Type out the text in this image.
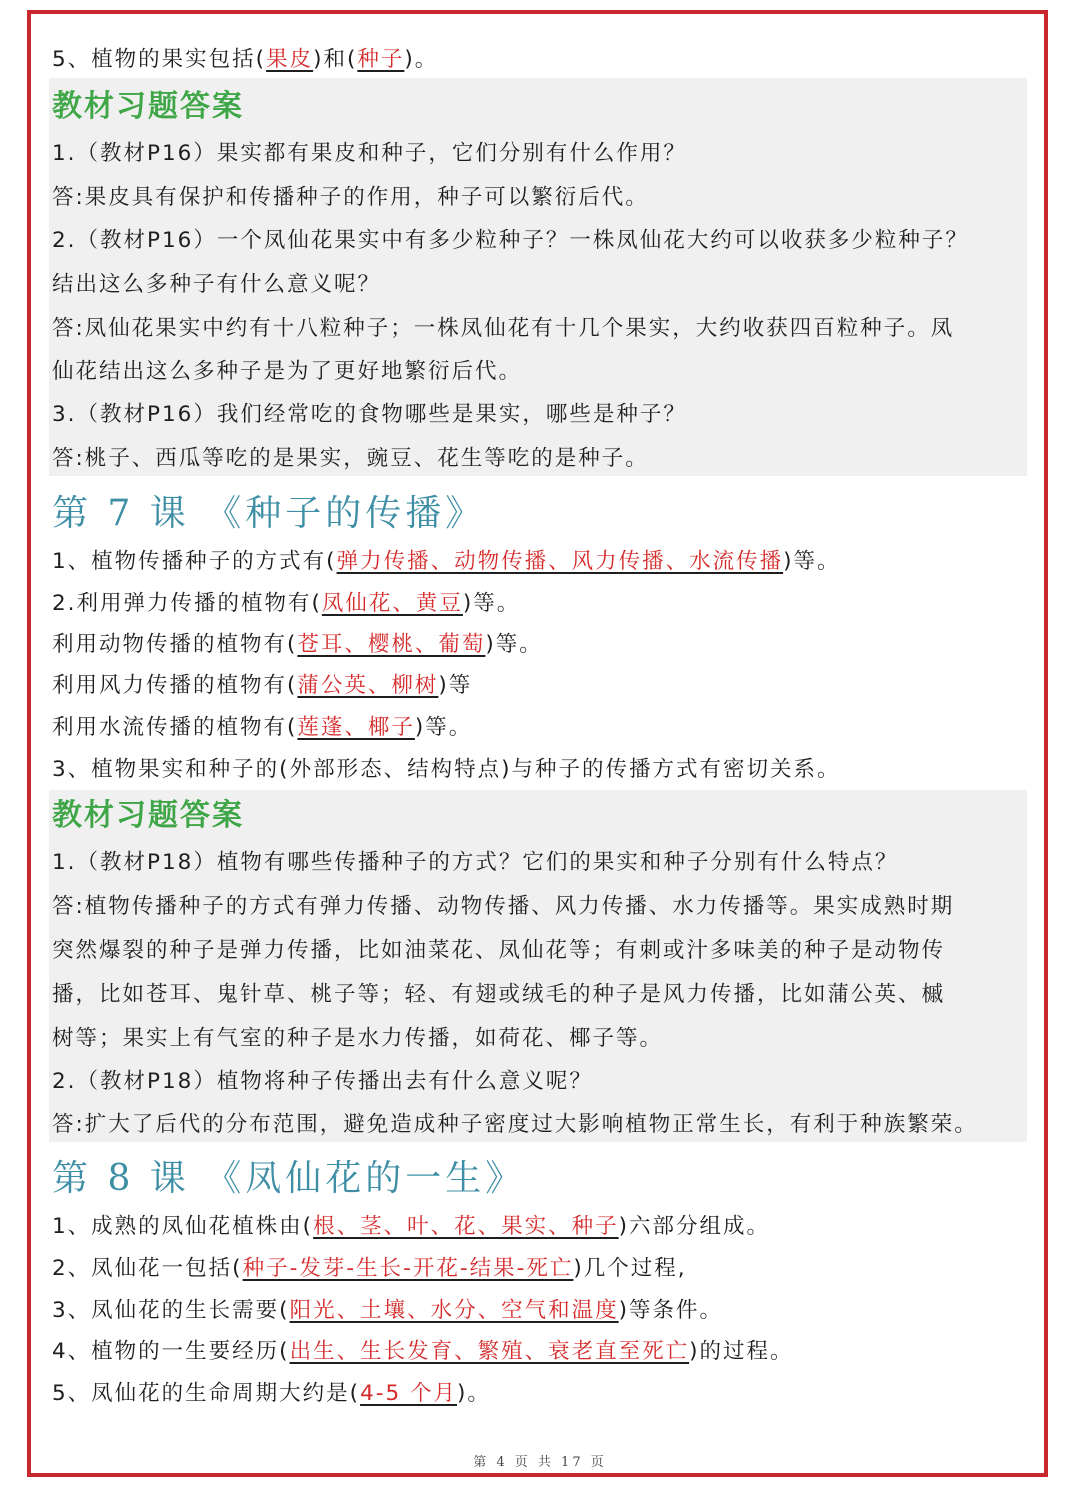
5、植物的果实包括(果皮)和(种子)。
教材习题答案
1.（教材P16）果实都有果皮和种子，它们分别有什么作用？
答:果皮具有保护和传播种子的作用，种子可以繁衍后代。
2.（教材P16）一个凤仙花果实中有多少粒种子？一株凤仙花大约可以收获多少粒种子？
结出这么多种子有什么意义呢？
答:凤仙花果实中约有十八粒种子；一株凤仙花有十几个果实，大约收获四百粒种子。凤
仙花结出这么多种子是为了更好地繁衍后代。
3.（教材P16）我们经常吃的食物哪些是果实，哪些是种子？
答:桃子、西瓜等吃的是果实，豌豆、花生等吃的是种子。
第 7 课 《种子的传播》
1、植物传播种子的方式有(弹力传播、动物传播、风力传播、水流传播)等。
2.利用弹力传播的植物有(凤仙花、黄豆)等。
利用动物传播的植物有(苍耳、樱桃、葡萄)等。
利用风力传播的植物有(蒲公英、柳树)等
利用水流传播的植物有(莲蓬、椰子)等。
3、植物果实和种子的(外部形态、结构特点)与种子的传播方式有密切关系。
教材习题答案
1.（教材P18）植物有哪些传播种子的方式？它们的果实和种子分别有什么特点？
答:植物传播种子的方式有弹力传播、动物传播、风力传播、水力传播等。果实成熟时期
突然爆裂的种子是弹力传播，比如油菜花、凤仙花等；有刺或汁多味美的种子是动物传
播，比如苍耳、鬼针草、桃子等；轻、有翅或绒毛的种子是风力传播，比如蒲公英、槭
树等；果实上有气室的种子是水力传播，如荷花、椰子等。
2.（教材P18）植物将种子传播出去有什么意义呢？
答:扩大了后代的分布范围，避免造成种子密度过大影响植物正常生长，有利于种族繁荣。
第 8 课 《凤仙花的一生》
1、成熟的凤仙花植株由(根、茎、叶、花、果实、种子)六部分组成。
2、凤仙花一包括(种子-发芽-生长-开花-结果-死亡)几个过程,
3、凤仙花的生长需要(阳光、土壤、水分、空气和温度)等条件。
4、植物的一生要经历(出生、生长发育、繁殖、衰老直至死亡)的过程。
5、凤仙花的生命周期大约是(4-5 个月)。
第 4 页 共 17 页
